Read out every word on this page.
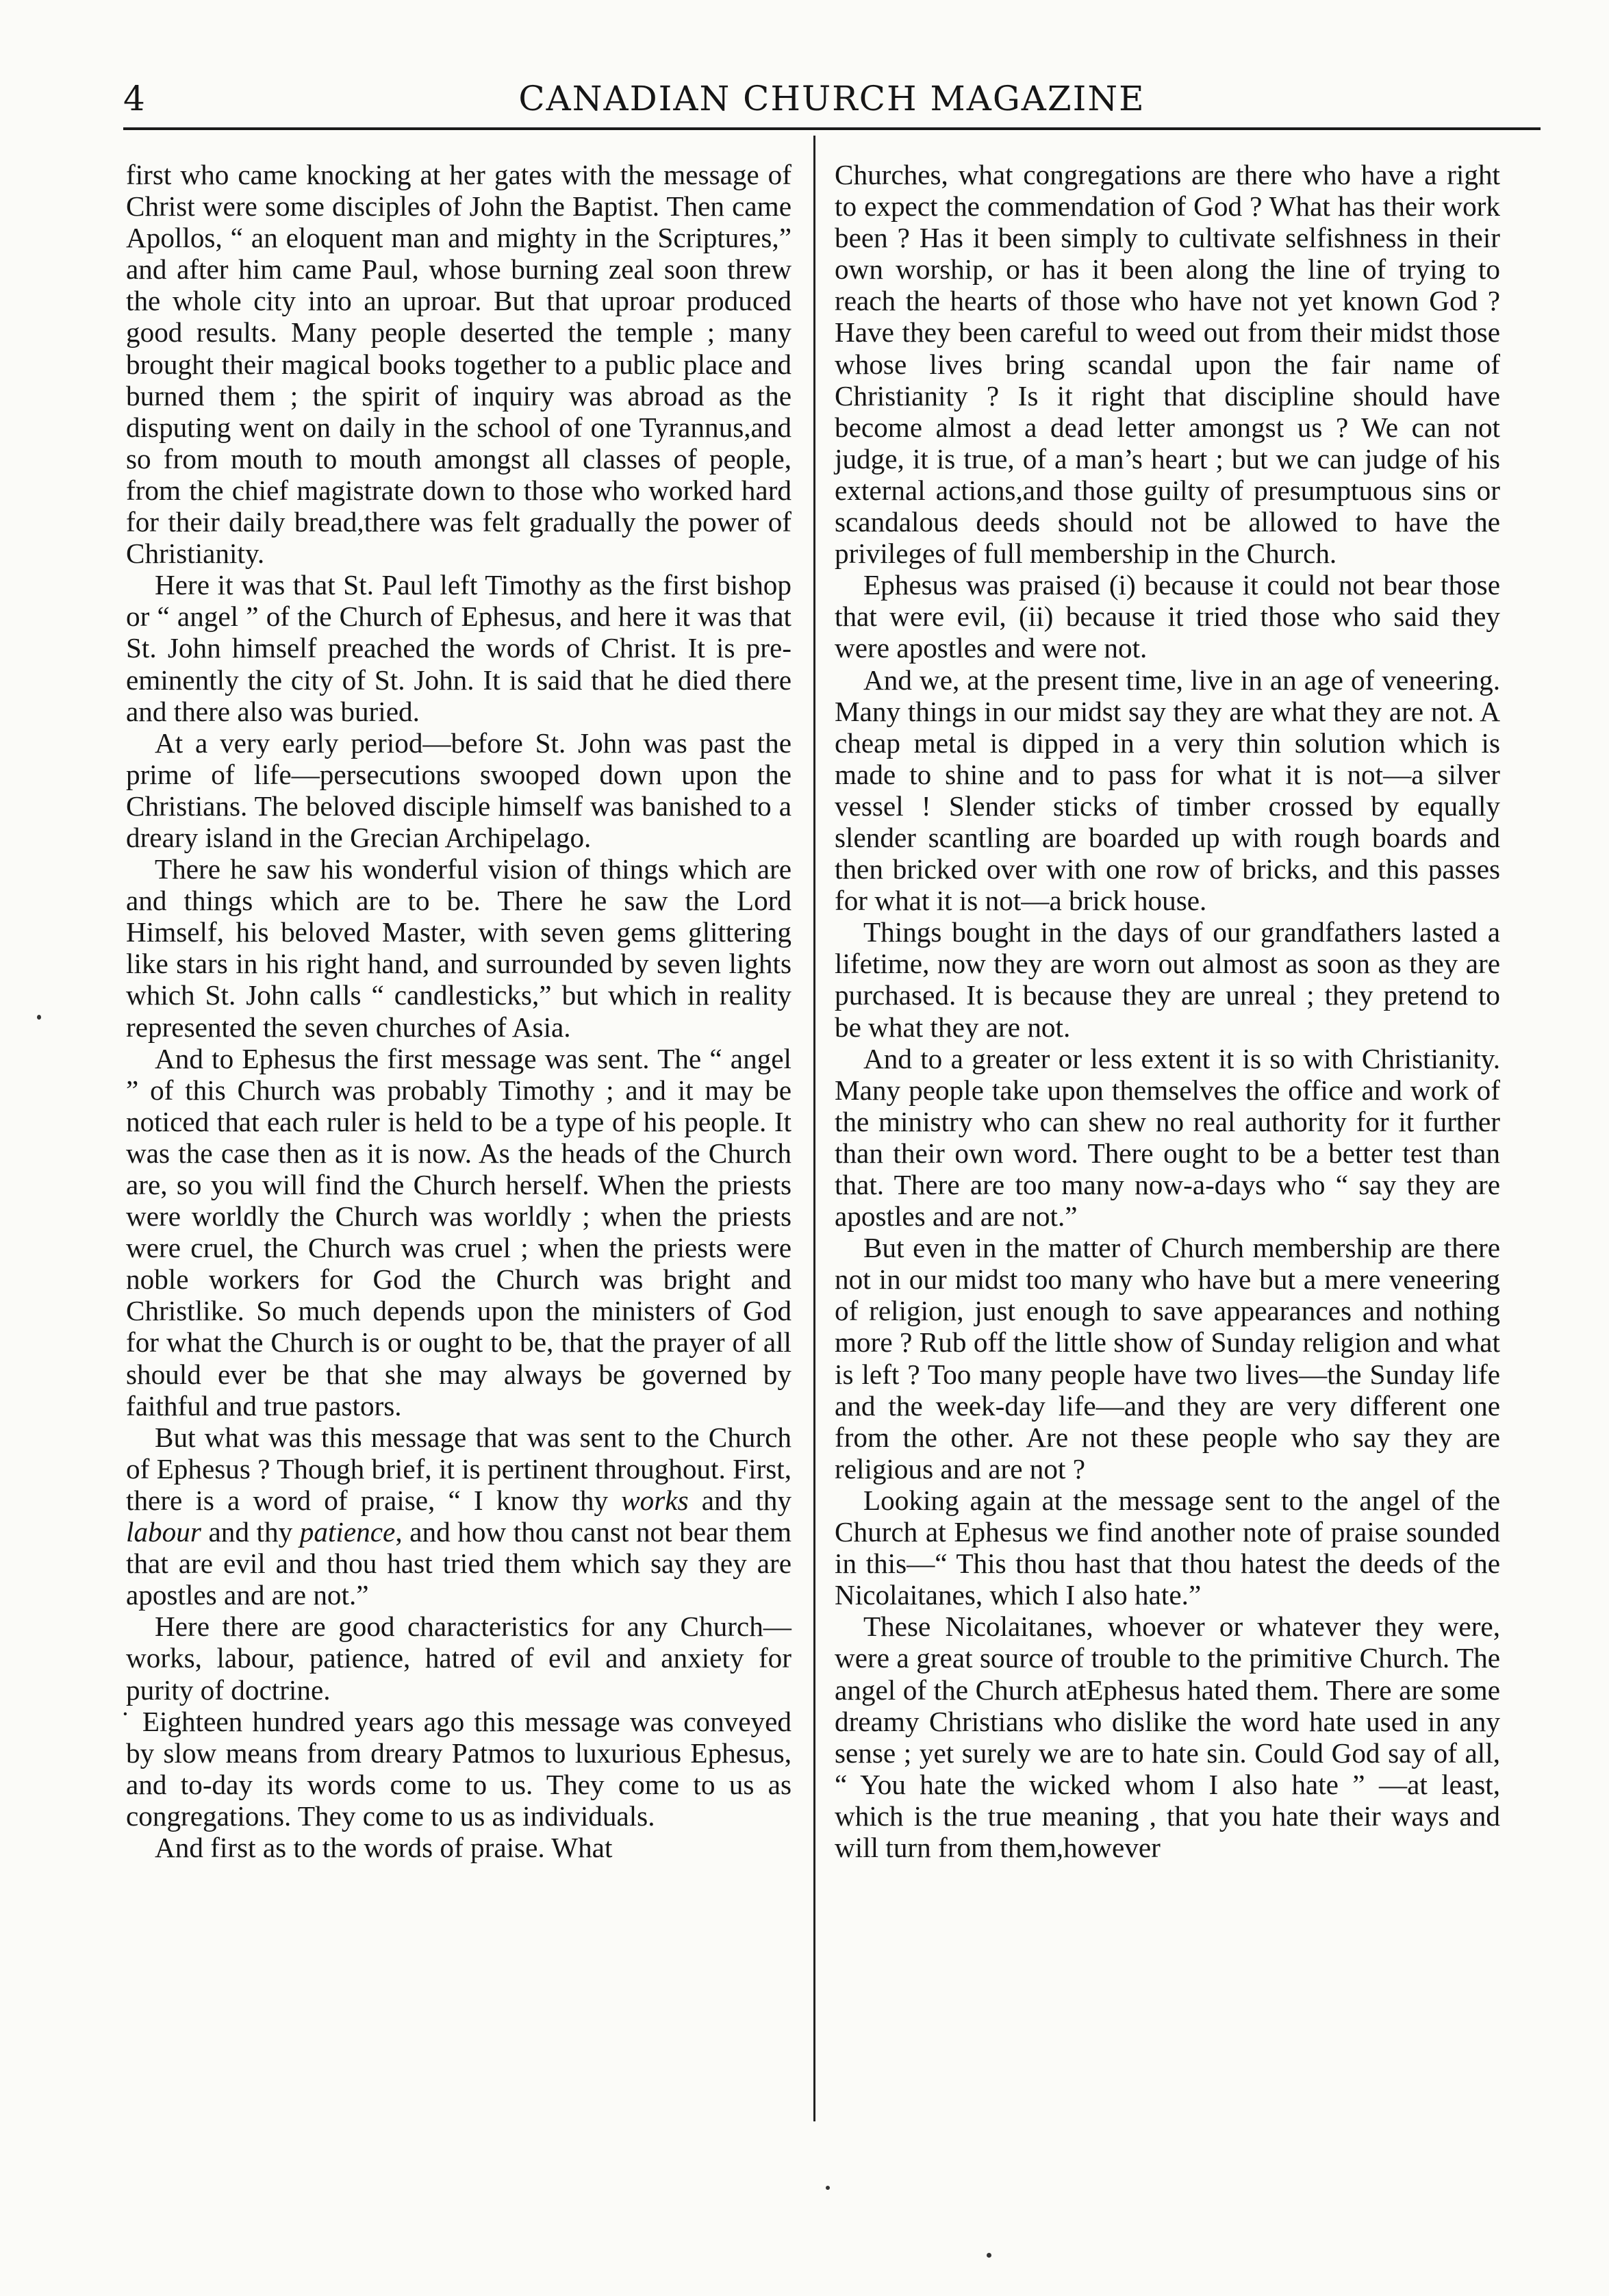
4	CANADIAN CHURCH MAGAZINE

first who came knocking at her gates with the message of Christ were some disciples of John the Baptist. Then came Apollos, “ an eloquent man and mighty in the Scriptures,” and after him came Paul, whose burning zeal soon threw the whole city into an uproar. But that uproar produced good results. Many people deserted the temple ; many brought their magical books together to a public place and burned them ; the spirit of inquiry was abroad as the disputing went on daily in the school of one Tyrannus,and so from mouth to mouth amongst all classes of people, from the chief magistrate down to those who worked hard for their daily bread,there was felt gradually the power of Christianity.

Here it was that St. Paul left Timothy as the first bishop or “ angel ” of the Church of Ephesus, and here it was that St. John himself preached the words of Christ. It is pre-eminently the city of St. John. It is said that he died there and there also was buried.

At a very early period—before St. John was past the prime of life—persecutions swooped down upon the Christians. The beloved disciple himself was banished to a dreary island in the Grecian Archipelago.

There he saw his wonderful vision of things which are and things which are to be. There he saw the Lord Himself, his beloved Master, with seven gems glittering like stars in his right hand, and surrounded by seven lights which St. John calls “ candlesticks,” but which in reality represented the seven churches of Asia.

And to Ephesus the first message was sent. The “ angel ” of this Church was probably Timothy ; and it may be noticed that each ruler is held to be a type of his people. It was the case then as it is now. As the heads of the Church are, so you will find the Church herself. When the priests were worldly the Church was worldly ; when the priests were cruel, the Church was cruel ; when the priests were noble workers for God the Church was bright and Christlike. So much depends upon the ministers of God for what the Church is or ought to be, that the prayer of all should ever be that she may always be governed by faithful and true pastors.

But what was this message that was sent to the Church of Ephesus ? Though brief, it is pertinent throughout. First, there is a word of praise, “ I know thy works and thy labour and thy patience, and how thou canst not bear them that are evil and thou hast tried them which say they are apostles and are not.”

Here there are good characteristics for any Church—works, labour, patience, hatred of evil and anxiety for purity of doctrine.

˙ Eighteen hundred years ago this message was conveyed by slow means from dreary Patmos to luxurious Ephesus, and to-day its words come to us. They come to us as congregations. They come to us as individuals.

And first as to the words of praise. What

Churches, what congregations are there who have a right to expect the commendation of God ? What has their work been ? Has it been simply to cultivate selfishness in their own worship, or has it been along the line of trying to reach the hearts of those who have not yet known God ? Have they been careful to weed out from their midst those whose lives bring scandal upon the fair name of Christianity ? Is it right that discipline should have become almost a dead letter amongst us ? We can not judge, it is true, of a man’s heart ; but we can judge of his external actions,and those guilty of presumptuous sins or scandalous deeds should not be allowed to have the privileges of full membership in the Church.

Ephesus was praised (i) because it could not bear those that were evil, (ii) because it tried those who said they were apostles and were not.

And we, at the present time, live in an age of veneering. Many things in our midst say they are what they are not. A cheap metal is dipped in a very thin solution which is made to shine and to pass for what it is not—a silver vessel ! Slender sticks of timber crossed by equally slender scantling are boarded up with rough boards and then bricked over with one row of bricks, and this passes for what it is not—a brick house.

Things bought in the days of our grandfathers lasted a lifetime, now they are worn out almost as soon as they are purchased. It is because they are unreal ; they pretend to be what they are not.

And to a greater or less extent it is so with Christianity. Many people take upon themselves the office and work of the ministry who can shew no real authority for it further than their own word. There ought to be a better test than that. There are too many now-a-days who “ say they are apostles and are not.”

But even in the matter of Church membership are there not in our midst too many who have but a mere veneering of religion, just enough to save appearances and nothing more ? Rub off the little show of Sunday religion and what is left ? Too many people have two lives—the Sunday life and the week-day life—and they are very different one from the other. Are not these people who say they are religious and are not ?

Looking again at the message sent to the angel of the Church at Ephesus we find another note of praise sounded in this—“ This thou hast that thou hatest the deeds of the Nicolaitanes, which I also hate.”

These Nicolaitanes, whoever or whatever they were, were a great source of trouble to the primitive Church. The angel of the Church atEphesus hated them. There are some dreamy Christians who dislike the word hate used in any sense ; yet surely we are to hate sin. Could God say of all, “ You hate the wicked whom I also hate ” —at least, which is the true meaning , that you hate their ways and will turn from them,however
